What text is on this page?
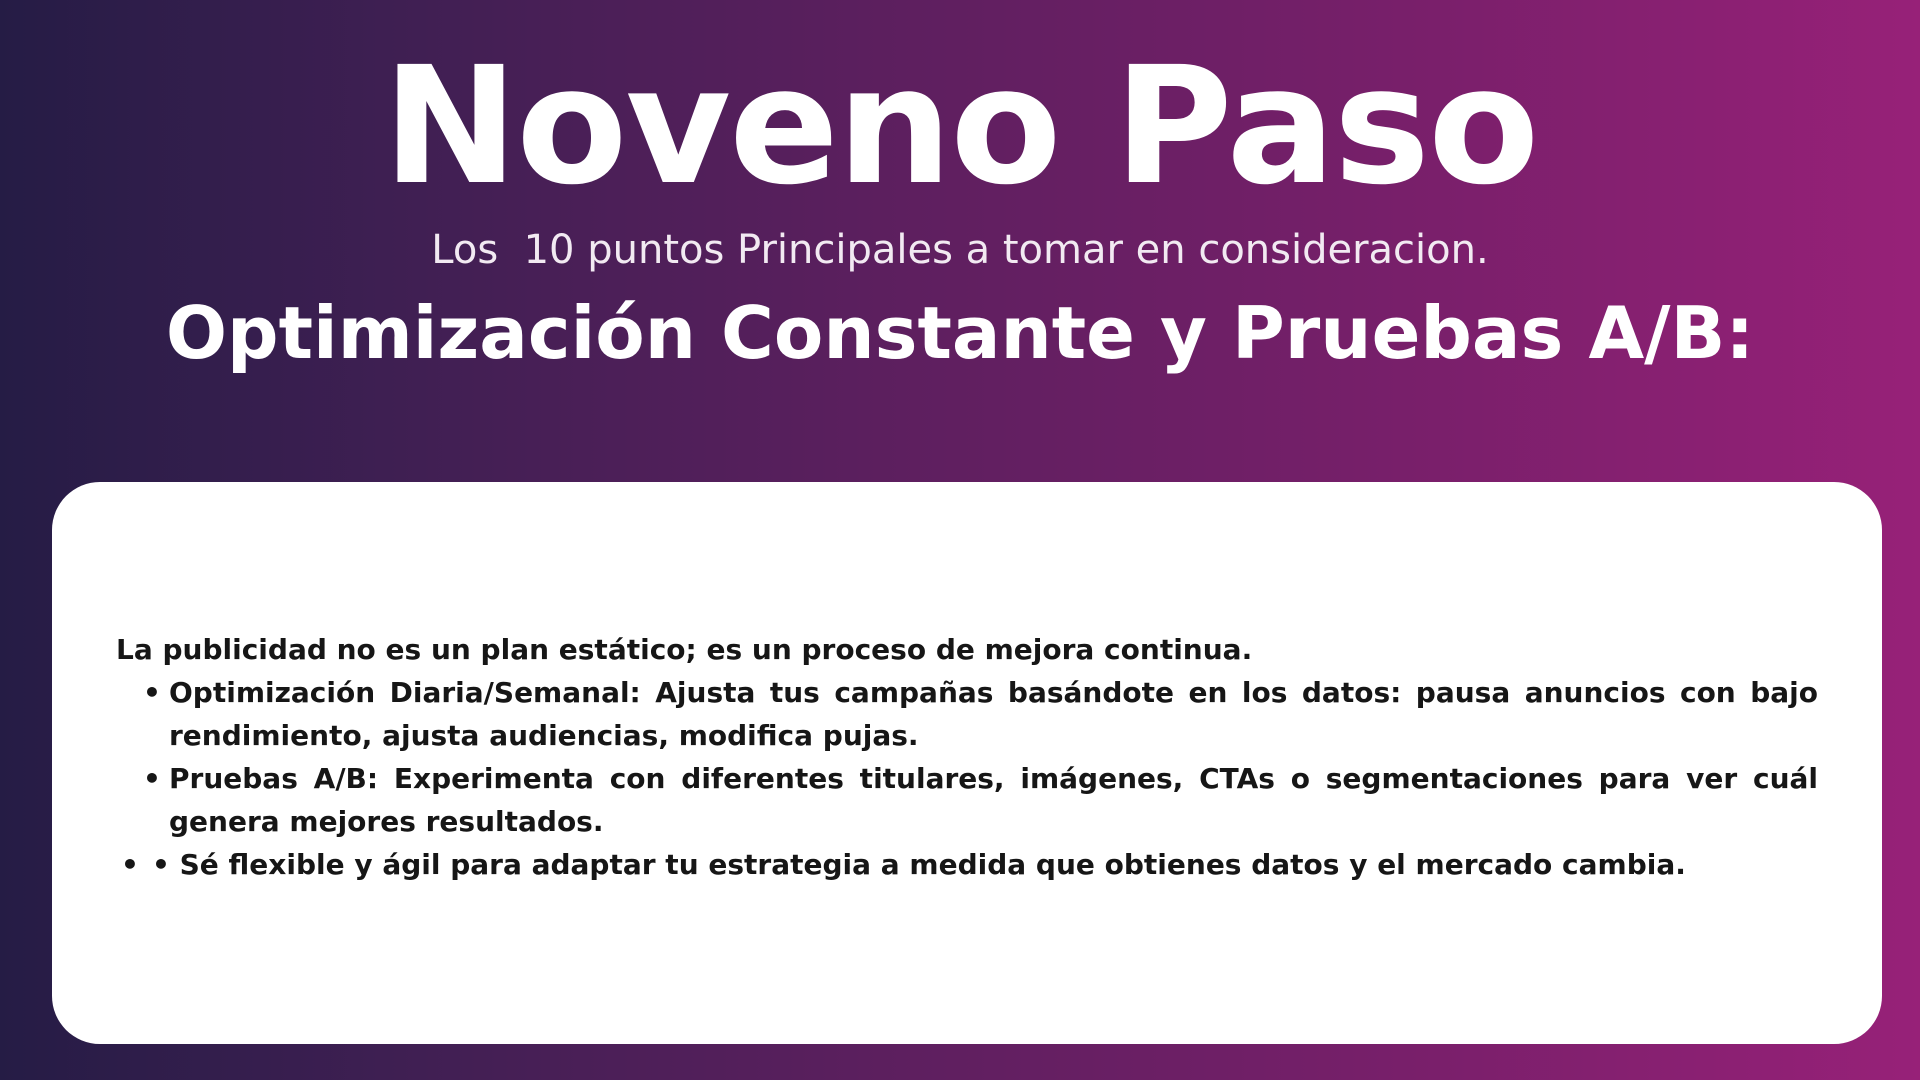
Noveno Paso

Los  10 puntos Principales a tomar en consideracion.

Optimización Constante y Pruebas A/B:

La publicidad no es un plan estático; es un proceso de mejora continua.

• Optimización Diaria/Semanal: Ajusta tus campañas basándote en los datos: pausa anuncios con bajo rendimiento, ajusta audiencias, modifica pujas.
• Pruebas A/B: Experimenta con diferentes titulares, imágenes, CTAs o segmentaciones para ver cuál genera mejores resultados.

• • Sé flexible y ágil para adaptar tu estrategia a medida que obtienes datos y el mercado cambia.
